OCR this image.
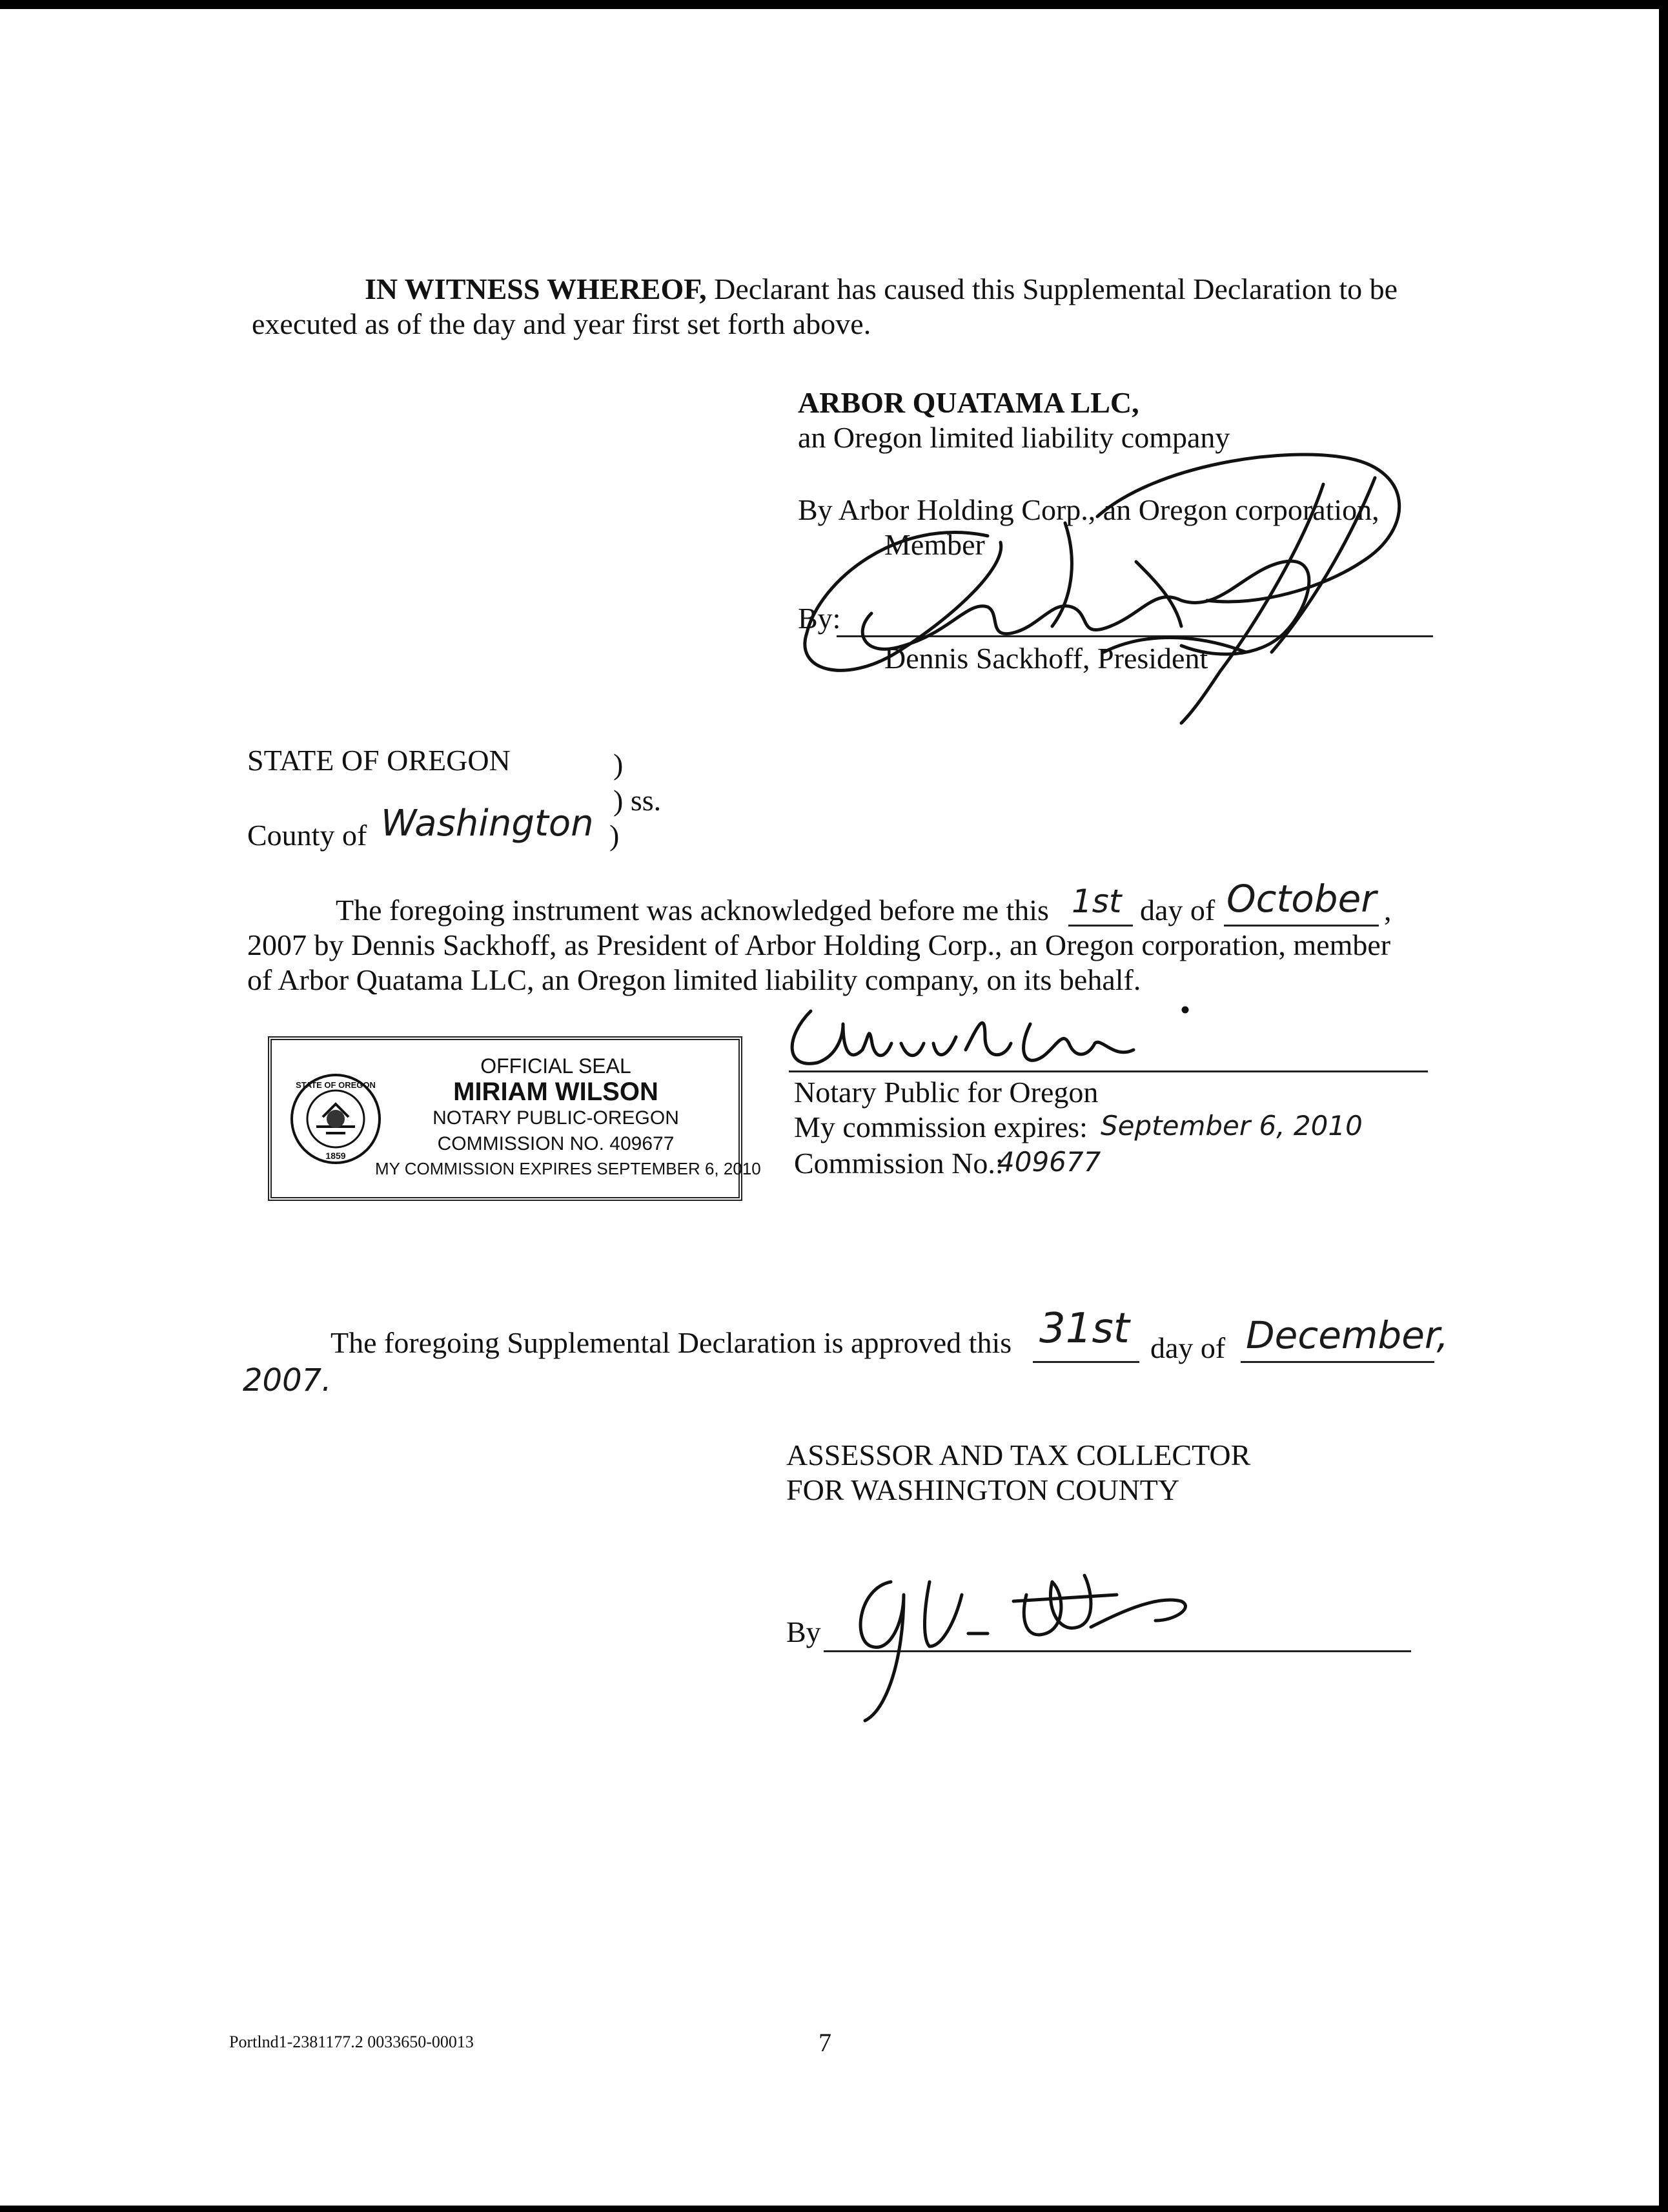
IN WITNESS WHEREOF, Declarant has caused this Supplemental Declaration to be
executed as of the day and year first set forth above.
ARBOR QUATAMA LLC,
an Oregon limited liability company
By Arbor Holding Corp., an Oregon corporation,
Member
By:
Dennis Sackhoff, President
STATE OF OREGON	)
) ss.
County of Washington )
The foregoing instrument was acknowledged before me this 1st day of October ,
2007 by Dennis Sackhoff, as President of Arbor Holding Corp., an Oregon corporation, member
of Arbor Quatama LLC, an Oregon limited liability company, on its behalf.
STATE OF OREGON
1859
OFFICIAL SEAL
MIRIAM WILSON
NOTARY PUBLIC-OREGON
COMMISSION NO. 409677
MY COMMISSION EXPIRES SEPTEMBER 6, 2010
Notary Public for Oregon
My commission expires: September 6, 2010
Commission No.:
409677
The foregoing Supplemental Declaration is approved this 31st day of December,
2007.
ASSESSOR AND TAX COLLECTOR
FOR WASHINGTON COUNTY
By
Portlnd1-2381177.2 0033650-00013	7
